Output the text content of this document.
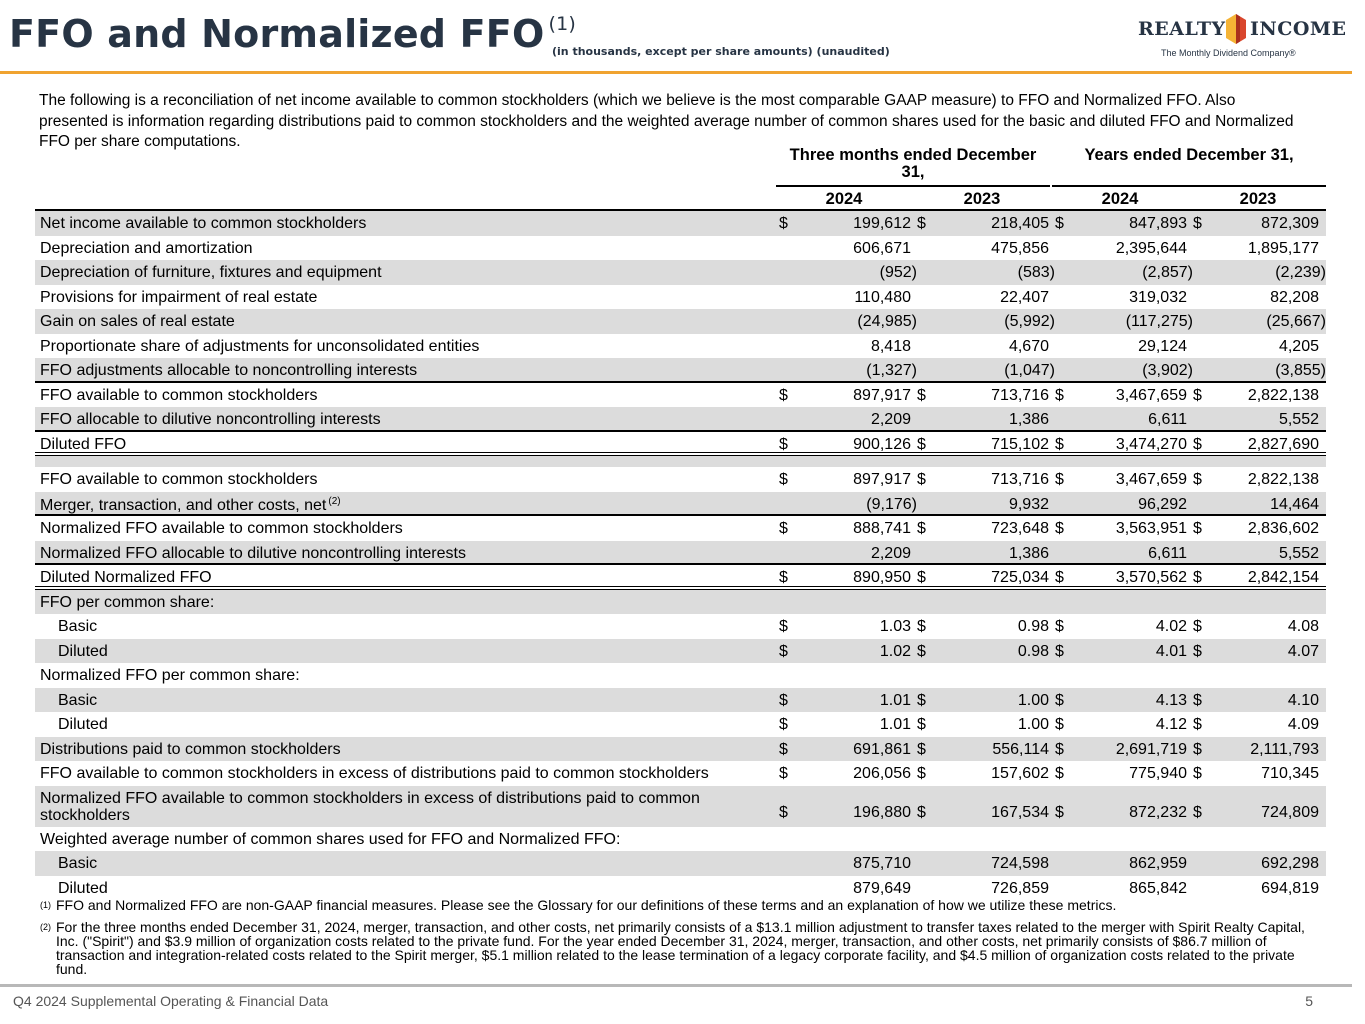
FFO and Normalized FFO $^{(1)}$
(in thousands, except per share amounts) (unaudited)
REALTY INCOME
The Monthly Dividend Company®

The following is a reconciliation of net income available to common stockholders (which we believe is the most comparable GAAP measure) to FFO and Normalized FFO. Also presented is information regarding distributions paid to common stockholders and the weighted average number of common shares used for the basic and diluted FFO and Normalized FFO per share computations.

Three months ended December 31,
Years ended December 31,
2024	2023	2024	2023
Net income available to common stockholders	$	199,612 $	218,405 $	847,893 $	872,309
Depreciation and amortization	606,671	475,856	2,395,644	1,895,177
Depreciation of furniture, fixtures and equipment	(952)	(583)	(2,857)	(2,239)
Provisions for impairment of real estate	110,480	22,407	319,032	82,208
Gain on sales of real estate	(24,985)	(5,992)	(117,275)	(25,667)
Proportionate share of adjustments for unconsolidated entities	8,418	4,670	29,124	4,205
FFO adjustments allocable to noncontrolling interests	(1,327)	(1,047)	(3,902)	(3,855)
FFO available to common stockholders	$	897,917 $	713,716 $	3,467,659 $	2,822,138
FFO allocable to dilutive noncontrolling interests	2,209	1,386	6,611	5,552
Diluted FFO	$	900,126 $	715,102 $	3,474,270 $	2,827,690
FFO available to common stockholders	$	897,917 $	713,716 $	3,467,659 $	2,822,138
Merger, transaction, and other costs, net $^{(2)}$	(9,176)	9,932	96,292	14,464
Normalized FFO available to common stockholders	$	888,741 $	723,648 $	3,563,951 $	2,836,602
Normalized FFO allocable to dilutive noncontrolling interests	2,209	1,386	6,611	5,552
Diluted Normalized FFO	$	890,950 $	725,034 $	3,570,562 $	2,842,154
FFO per common share:
Basic	$	1.03 $	0.98 $	4.02 $	4.08
Diluted	$	1.02 $	0.98 $	4.01 $	4.07
Normalized FFO per common share:
Basic	$	1.01 $	1.00 $	4.13 $	4.10
Diluted	$	1.01 $	1.00 $	4.12 $	4.09
Distributions paid to common stockholders	$	691,861 $	556,114 $	2,691,719 $	2,111,793
FFO available to common stockholders in excess of distributions paid to common stockholders	$	206,056 $	157,602 $	775,940 $	710,345
Normalized FFO available to common stockholders in excess of distributions paid to common stockholders	$	196,880 $	167,534 $	872,232 $	724,809
Weighted average number of common shares used for FFO and Normalized FFO:
Basic	875,710	724,598	862,959	692,298
Diluted	879,649	726,859	865,842	694,819

(1) FFO and Normalized FFO are non-GAAP financial measures. Please see the Glossary for our definitions of these terms and an explanation of how we utilize these metrics.

(2) For the three months ended December 31, 2024, merger, transaction, and other costs, net primarily consists of a $13.1 million adjustment to transfer taxes related to the merger with Spirit Realty Capital, Inc. ("Spirit") and $3.9 million of organization costs related to the private fund. For the year ended December 31, 2024, merger, transaction, and other costs, net primarily consists of $86.7 million of transaction and integration-related costs related to the Spirit merger, $5.1 million related to the lease termination of a legacy corporate facility, and $4.5 million of organization costs related to the private fund.

Q4 2024 Supplemental Operating & Financial Data	5
